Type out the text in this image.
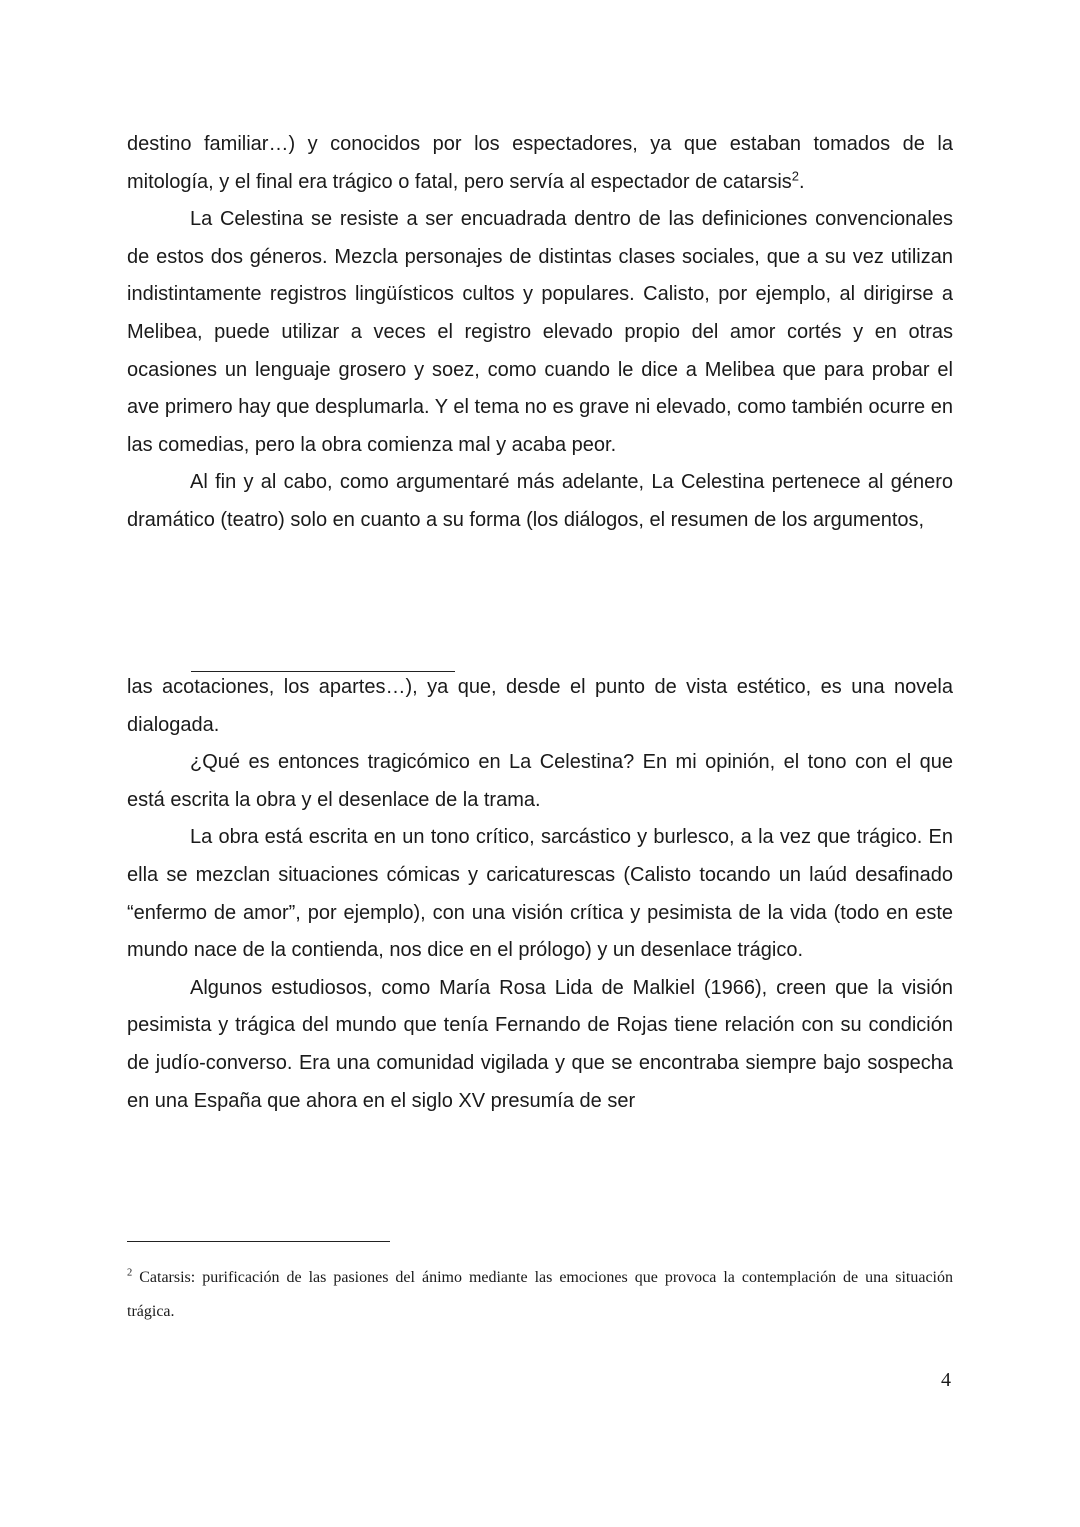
destino familiar…) y conocidos por los espectadores, ya que estaban tomados de la mitología, y el final era trágico o fatal, pero servía al espectador de catarsis$^2$.

La Celestina se resiste a ser encuadrada dentro de las definiciones convencionales de estos dos géneros. Mezcla personajes de distintas clases sociales, que a su vez utilizan indistintamente registros lingüísticos cultos y populares. Calisto, por ejemplo, al dirigirse a Melibea, puede utilizar a veces el registro elevado propio del amor cortés y en otras ocasiones un lenguaje grosero y soez, como cuando le dice a Melibea que para probar el ave primero hay que desplumarla. Y el tema no es grave ni elevado, como también ocurre en las comedias, pero la obra comienza mal y acaba peor.

Al fin y al cabo, como argumentaré más adelante, La Celestina pertenece al género dramático (teatro) solo en cuanto a su forma (los diálogos, el resumen de los argumentos,

las acotaciones, los apartes…), ya que, desde el punto de vista estético, es una novela dialogada.

¿Qué es entonces tragicómico en La Celestina? En mi opinión, el tono con el que está escrita la obra y el desenlace de la trama.

La obra está escrita en un tono crítico, sarcástico y burlesco, a la vez que trágico. En ella se mezclan situaciones cómicas y caricaturescas (Calisto tocando un laúd desafinado “enfermo de amor”, por ejemplo), con una visión crítica y pesimista de la vida (todo en este mundo nace de la contienda, nos dice en el prólogo) y un desenlace trágico.

Algunos estudiosos, como María Rosa Lida de Malkiel (1966), creen que la visión pesimista y trágica del mundo que tenía Fernando de Rojas tiene relación con su condición de judío-converso. Era una comunidad vigilada y que se encontraba siempre bajo sospecha en una España que ahora en el siglo XV presumía de ser

$^2$ Catarsis: purificación de las pasiones del ánimo mediante las emociones que provoca la contemplación de una situación trágica.

4
